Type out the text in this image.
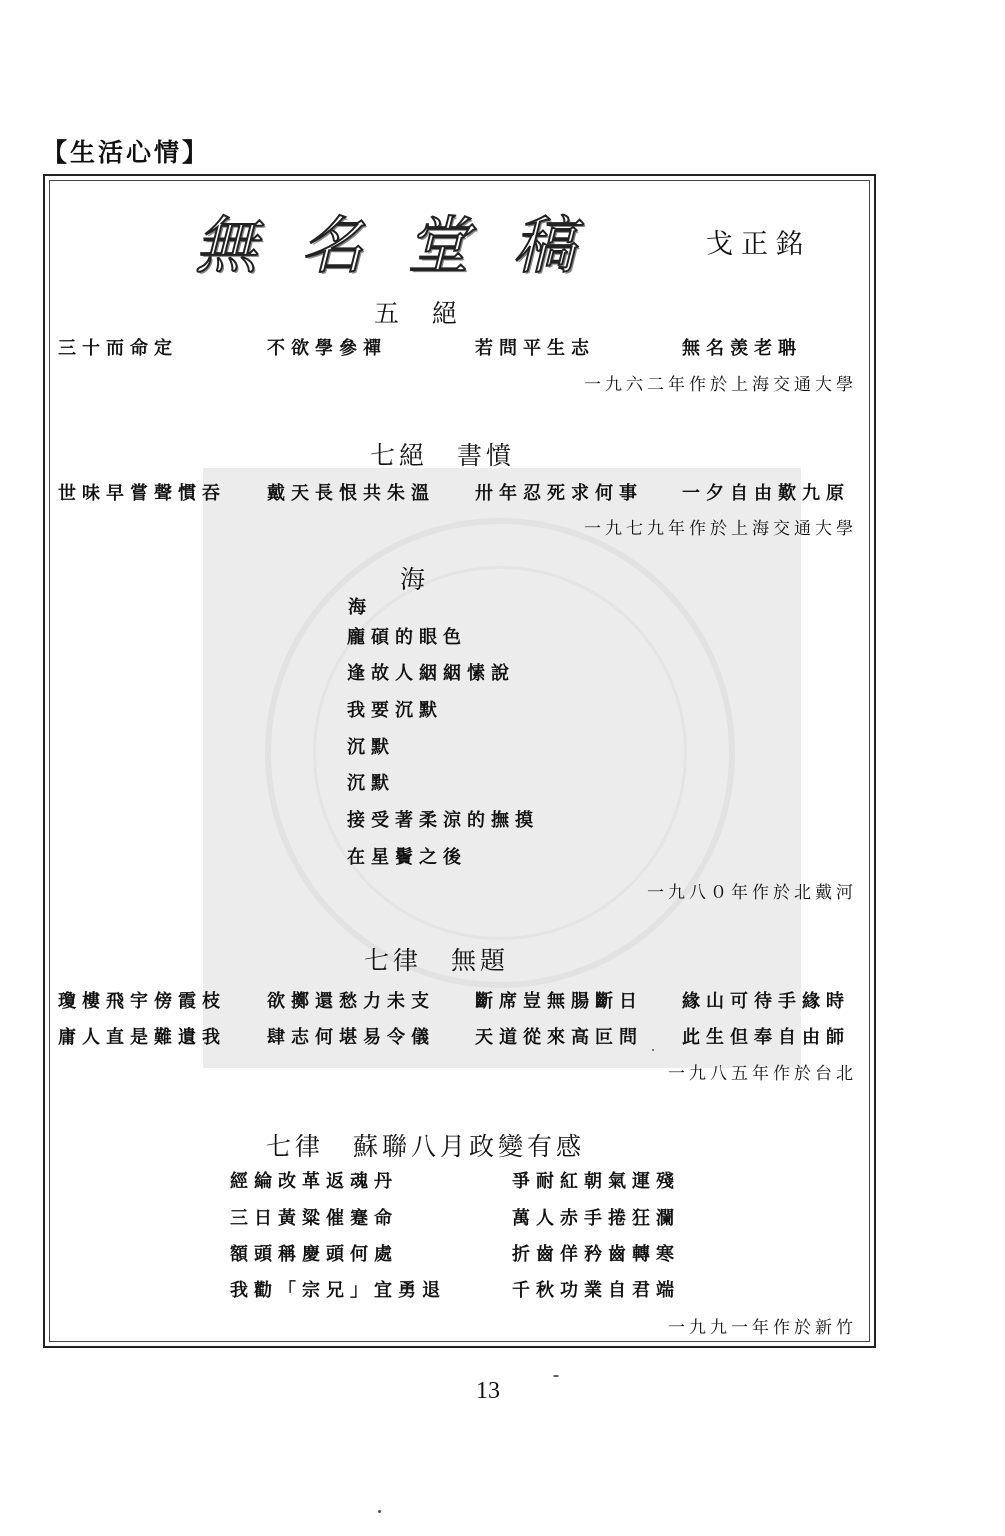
【生活心情】
無名堂稿	戈正銘
五　絕
三十而命定	不欲學參禪	若問平生志	無名羡老聃
一九六二年作於上海交通大學
七絕　書憤
世味早嘗聲慣吞 戴天長恨共朱溫 卅年忍死求何事 一夕自由歎九原
一九七九年作於上海交通大學
海
海
龐碩的眼色
逢故人絪絪愫說
我要沉默
沉默
沉默
接受著柔涼的撫摸
在星鬢之後
一九八０年作於北戴河
七律　無題
瓊樓飛宇傍霞枝 欲擲還愁力未支 斷席豈無腸斷日 緣山可待手緣時
庸人直是難遺我 肆志何堪易令儀 天道從來高叵問 此生但奉自由師
一九八五年作於台北
七律　蘇聯八月政變有感
經綸改革返魂丹	爭耐紅朝氣運殘
三日黃粱催蹇命	萬人赤手捲狂瀾
額頭稱慶頭何處	折齒佯矜齒轉寒
我勸「宗兄」宜勇退	千秋功業自君端
一九九一年作於新竹
13
